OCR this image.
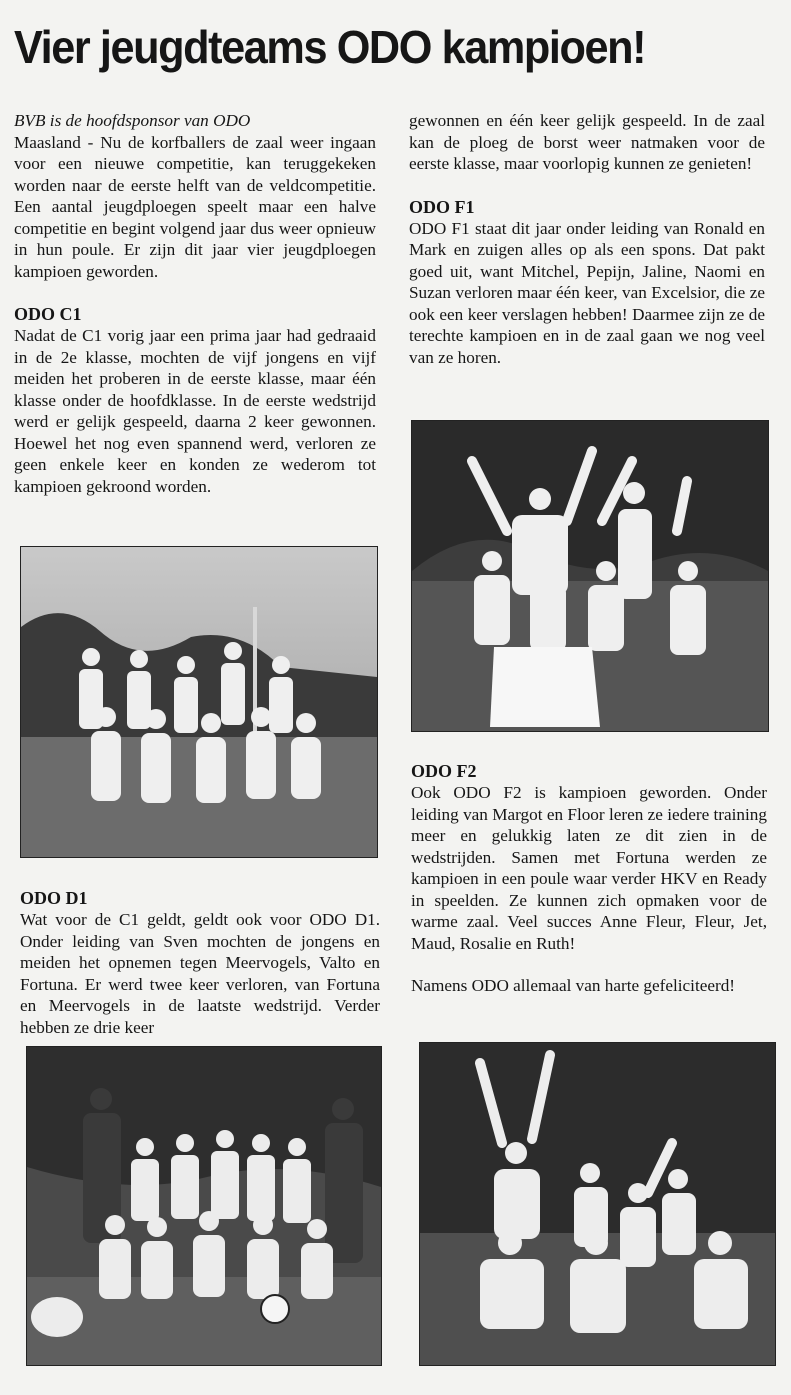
Vier jeugdteams ODO kampioen!

BVB is de hoofdsponsor van ODO

Maasland - Nu de korfballers de zaal weer ingaan voor een nieuwe competitie, kan teruggekeken worden naar de eerste helft van de veldcompetitie. Een aantal jeugdploegen speelt maar een halve competitie en begint volgend jaar dus weer opnieuw in hun poule. Er zijn dit jaar vier jeugdploegen kampioen geworden.

ODO C1

Nadat de C1 vorig jaar een prima jaar had gedraaid in de 2e klasse, mochten de vijf jongens en vijf meiden het proberen in de eerste klasse, maar één klasse onder de hoofdklasse. In de eerste wedstrijd werd er gelijk gespeeld, daarna 2 keer gewonnen. Hoewel het nog even spannend werd, verloren ze geen enkele keer en konden ze wederom tot kampioen gekroond worden.

ODO D1

Wat voor de C1 geldt, geldt ook voor ODO D1. Onder leiding van Sven mochten de jongens en meiden het opnemen tegen Meervogels, Valto en Fortuna. Er werd twee keer verloren, van Fortuna en Meervogels in de laatste wedstrijd. Verder hebben ze drie keer

gewonnen en één keer gelijk gespeeld. In de zaal kan de ploeg de borst weer natmaken voor de eerste klasse, maar voorlopig kunnen ze genieten!

ODO F1

ODO F1 staat dit jaar onder leiding van Ronald en Mark en zuigen alles op als een spons. Dat pakt goed uit, want Mitchel, Pepijn, Jaline, Naomi en Suzan verloren maar één keer, van Excelsior, die ze ook een keer verslagen hebben! Daarmee zijn ze de terechte kampioen en in de zaal gaan we nog veel van ze horen.

ODO F2

Ook ODO F2 is kampioen geworden. Onder leiding van Margot en Floor leren ze iedere training meer en gelukkig laten ze dit zien in de wedstrijden. Samen met Fortuna werden ze kampioen in een poule waar verder HKV en Ready in speelden. Ze kunnen zich opmaken voor de warme zaal. Veel succes Anne Fleur, Fleur, Jet, Maud, Rosalie en Ruth!

Namens ODO allemaal van harte gefeliciteerd!
